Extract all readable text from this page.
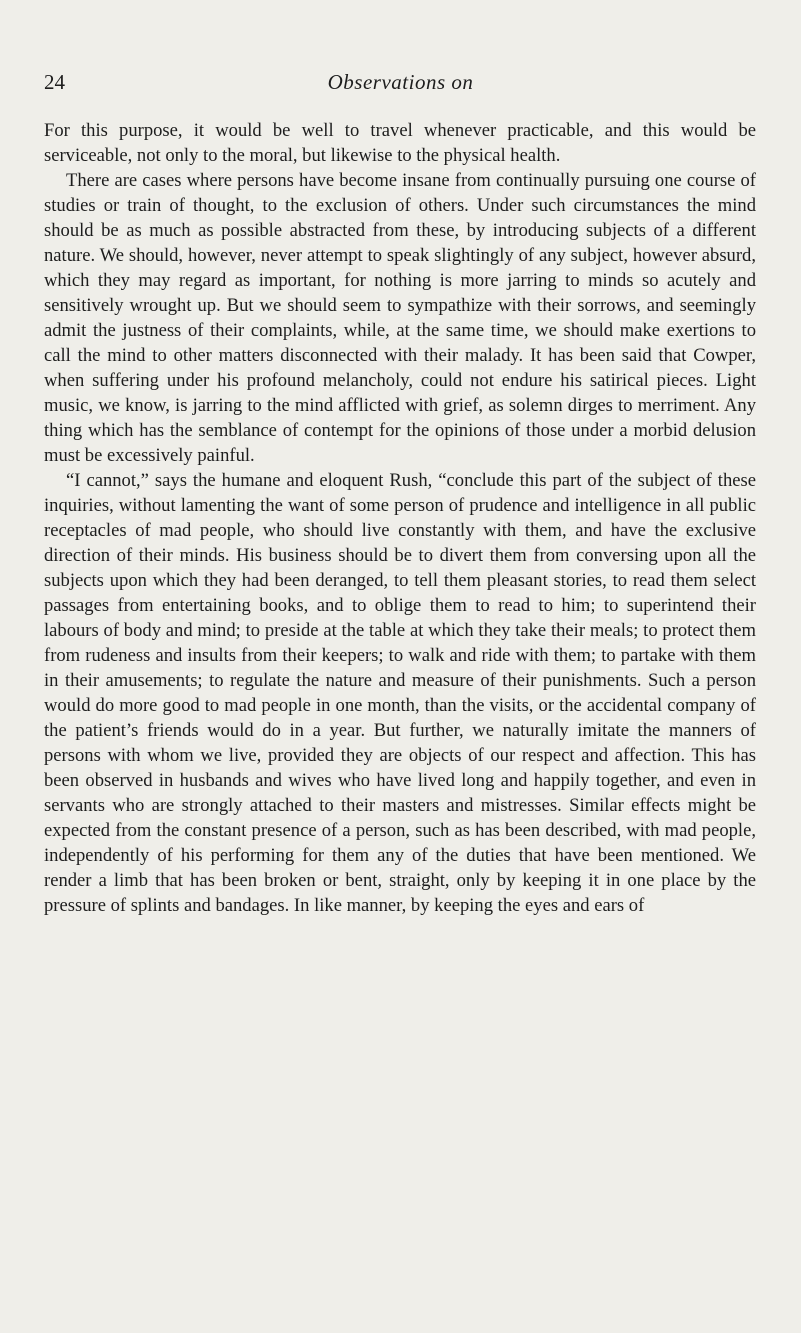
24	Observations on

For this purpose, it would be well to travel whenever practicable, and this would be serviceable, not only to the moral, but likewise to the physical health.

There are cases where persons have become insane from continually pursuing one course of studies or train of thought, to the exclusion of others. Under such circumstances the mind should be as much as possible abstracted from these, by introducing subjects of a different nature. We should, however, never attempt to speak slightingly of any subject, however absurd, which they may regard as important, for nothing is more jarring to minds so acutely and sensitively wrought up. But we should seem to sympathize with their sorrows, and seemingly admit the justness of their complaints, while, at the same time, we should make exertions to call the mind to other matters disconnected with their malady. It has been said that Cowper, when suffering under his profound melancholy, could not endure his satirical pieces. Light music, we know, is jarring to the mind afflicted with grief, as solemn dirges to merriment. Any thing which has the semblance of contempt for the opinions of those under a morbid delusion must be excessively painful.

“I cannot,” says the humane and eloquent Rush, “conclude this part of the subject of these inquiries, without lamenting the want of some person of prudence and intelligence in all public receptacles of mad people, who should live constantly with them, and have the exclusive direction of their minds. His business should be to divert them from conversing upon all the subjects upon which they had been deranged, to tell them pleasant stories, to read them select passages from entertaining books, and to oblige them to read to him; to superintend their labours of body and mind; to preside at the table at which they take their meals; to protect them from rudeness and insults from their keepers; to walk and ride with them; to partake with them in their amusements; to regulate the nature and measure of their punishments. Such a person would do more good to mad people in one month, than the visits, or the accidental company of the patient’s friends would do in a year. But further, we naturally imitate the manners of persons with whom we live, provided they are objects of our respect and affection. This has been observed in husbands and wives who have lived long and happily together, and even in servants who are strongly attached to their masters and mistresses. Similar effects might be expected from the constant presence of a person, such as has been described, with mad people, independently of his performing for them any of the duties that have been mentioned. We render a limb that has been broken or bent, straight, only by keeping it in one place by the pressure of splints and bandages. In like manner, by keeping the eyes and ears of
